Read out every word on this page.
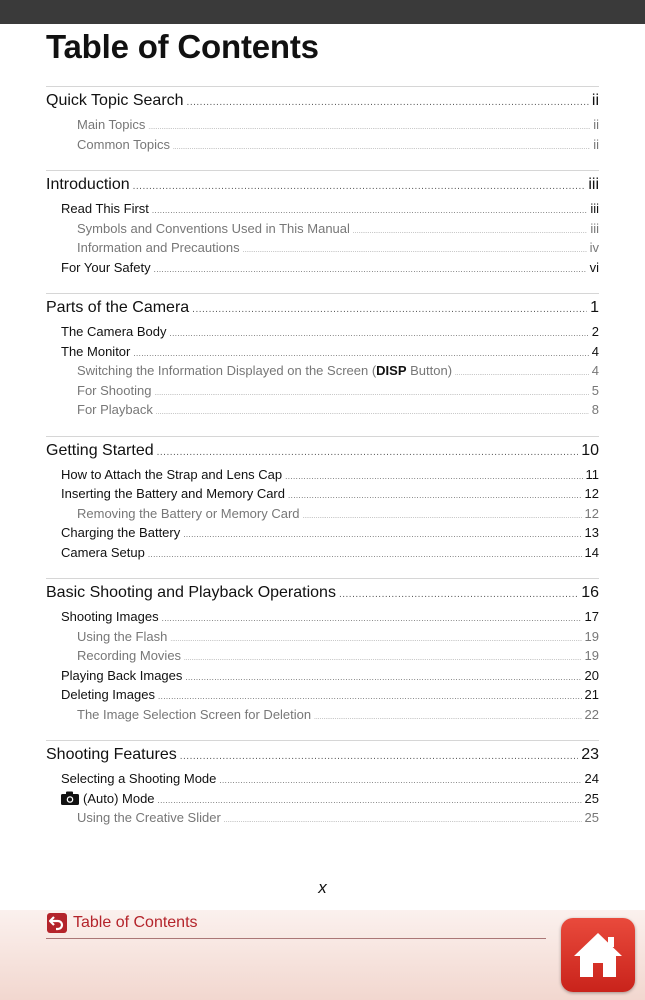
Table of Contents
Quick Topic Search .....	ii
Main Topics .....	ii
Common Topics .....	ii
Introduction .....	iii
Read This First .....	iii
Symbols and Conventions Used in This Manual .....	iii
Information and Precautions .....	iv
For Your Safety .....	vi
Parts of the Camera .....	1
The Camera Body .....	2
The Monitor .....	4
Switching the Information Displayed on the Screen (DISP Button) .....	4
For Shooting .....	5
For Playback .....	8
Getting Started .....	10
How to Attach the Strap and Lens Cap .....	11
Inserting the Battery and Memory Card .....	12
Removing the Battery or Memory Card .....	12
Charging the Battery .....	13
Camera Setup .....	14
Basic Shooting and Playback Operations .....	16
Shooting Images .....	17
Using the Flash .....	19
Recording Movies .....	19
Playing Back Images .....	20
Deleting Images .....	21
The Image Selection Screen for Deletion .....	22
Shooting Features .....	23
Selecting a Shooting Mode .....	24
(Auto) Mode .....	25
Using the Creative Slider .....	25
x
Table of Contents
